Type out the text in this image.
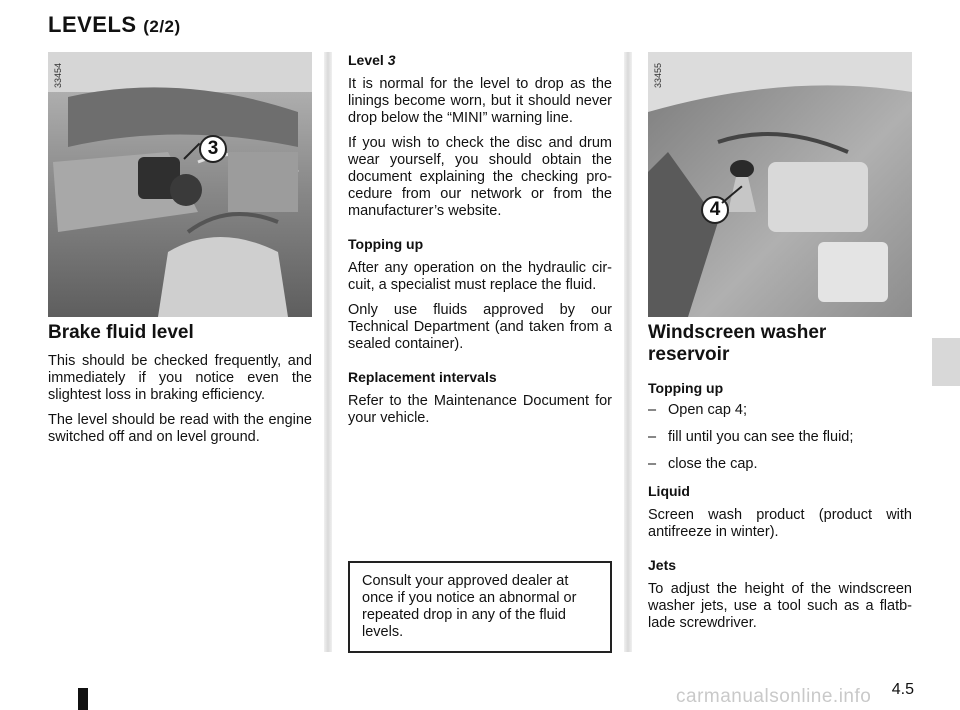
LEVELS (2/2)
33454
3
Brake fluid level

This should be checked frequently, and immediately if you notice even the slightest loss in braking efficiency.

The level should be read with the engine switched off and on level ground.

Level 3

It is normal for the level to drop as the linings become worn, but it should never drop below the “MINI” warning line.

If you wish to check the disc and drum wear yourself, you should obtain the document explaining the checking pro-cedure from our network or from the manufacturer’s website.

Topping up

After any operation on the hydraulic cir-cuit, a specialist must replace the fluid.

Only use fluids approved by our Technical Department (and taken from a sealed container).

Replacement intervals

Refer to the Maintenance Document for your vehicle.

Consult your approved dealer at once if you notice an abnormal or repeated drop in any of the fluid levels.
33455
4
Windscreen washer reservoir
Topping up
– Open cap 4;
– fill until you can see the fluid;
– close the cap.
Liquid

Screen wash product (product with antifreeze in winter).

Jets

To adjust the height of the windscreen washer jets, use a tool such as a flatb-lade screwdriver.

4.5
carmanualsonline.info
